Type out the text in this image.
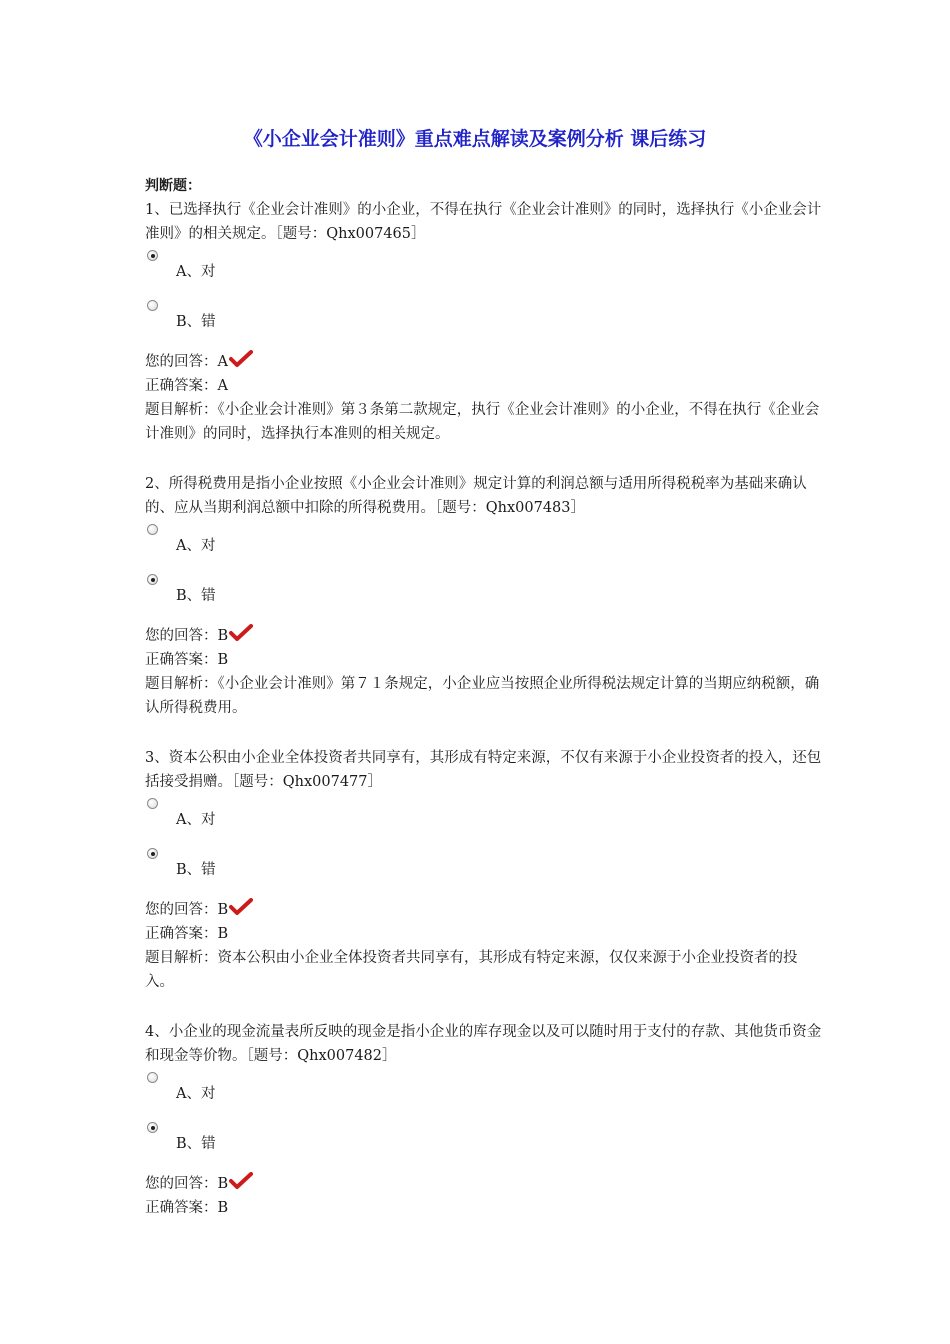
《小企业会计准则》重点难点解读及案例分析 课后练习
判断题：

1、已选择执行《企业会计准则》的小企业，不得在执行《企业会计准则》的同时，选择执行《小企业会计准则》的相关规定。［题号：Qhx007465］

A、对
B、错

您的回答：A

正确答案：A

题目解析：《小企业会计准则》第３条第二款规定，执行《企业会计准则》的小企业，不得在执行《企业会计准则》的同时，选择执行本准则的相关规定。

2、所得税费用是指小企业按照《小企业会计准则》规定计算的利润总额与适用所得税税率为基础来确认的、应从当期利润总额中扣除的所得税费用。［题号：Qhx007483］

A、对
B、错

您的回答：B

正确答案：B

题目解析：《小企业会计准则》第７１条规定，小企业应当按照企业所得税法规定计算的当期应纳税额，确认所得税费用。

3、资本公积由小企业全体投资者共同享有，其形成有特定来源，不仅有来源于小企业投资者的投入，还包括接受捐赠。［题号：Qhx007477］

A、对
B、错

您的回答：B

正确答案：B

题目解析：资本公积由小企业全体投资者共同享有，其形成有特定来源，仅仅来源于小企业投资者的投入。

4、小企业的现金流量表所反映的现金是指小企业的库存现金以及可以随时用于支付的存款、其他货币资金和现金等价物。［题号：Qhx007482］

A、对
B、错

您的回答：B

正确答案：B
